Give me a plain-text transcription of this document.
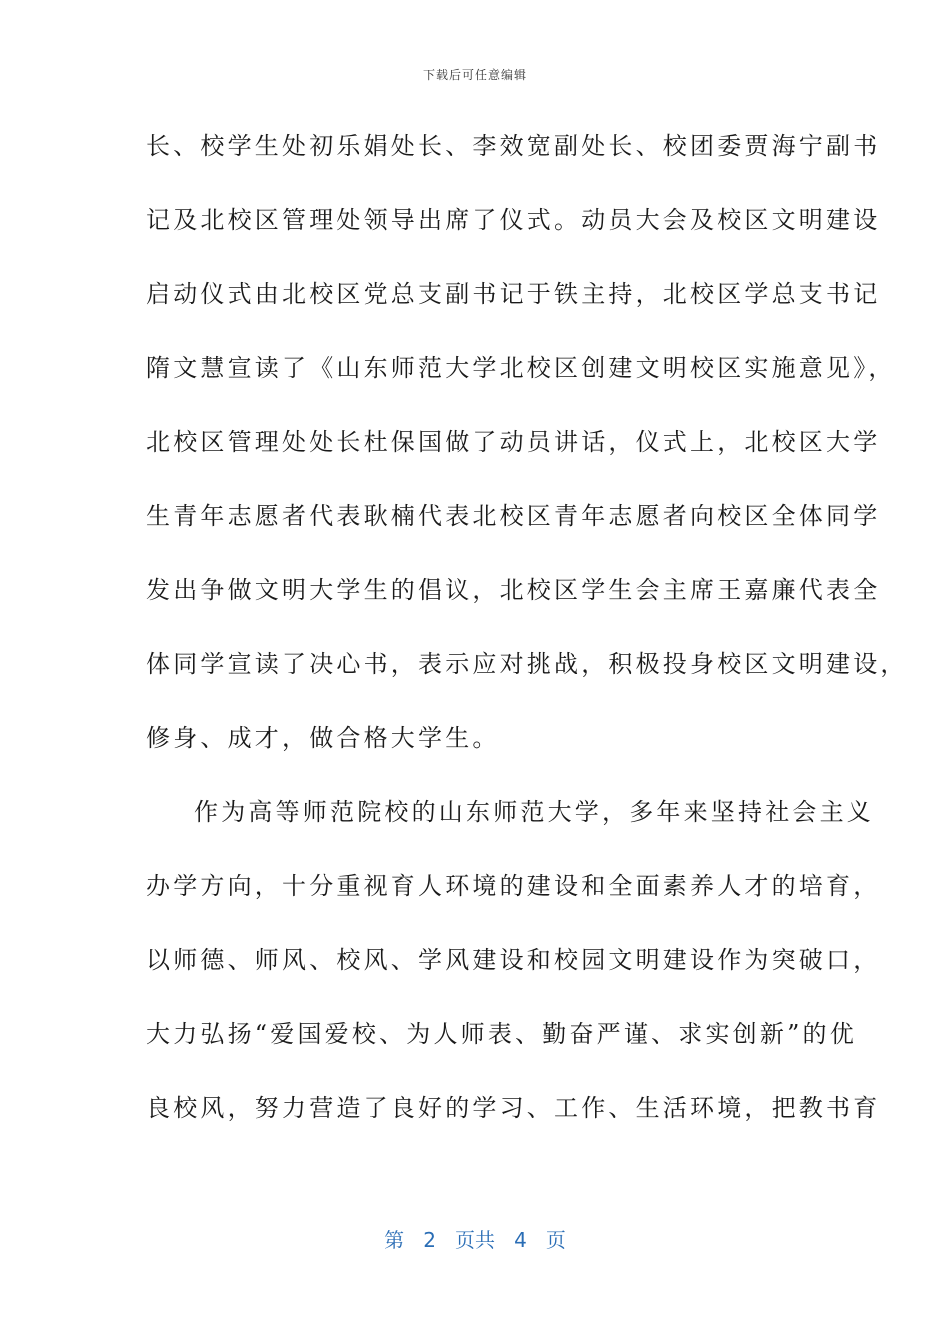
下载后可任意编辑
长、校学生处初乐娟处长、李效宽副处长、校团委贾海宁副书
记及北校区管理处领导出席了仪式。动员大会及校区文明建设
启动仪式由北校区党总支副书记于铁主持，北校区学总支书记
隋文慧宣读了《山东师范大学北校区创建文明校区实施意见》，
北校区管理处处长杜保国做了动员讲话，仪式上，北校区大学
生青年志愿者代表耿楠代表北校区青年志愿者向校区全体同学
发出争做文明大学生的倡议，北校区学生会主席王嘉廉代表全
体同学宣读了决心书，表示应对挑战，积极投身校区文明建设，
修身、成才，做合格大学生。
作为高等师范院校的山东师范大学，多年来坚持社会主义
办学方向，十分重视育人环境的建设和全面素养人才的培育，
以师德、师风、校风、学风建设和校园文明建设作为突破口，
大力弘扬“爱国爱校、为人师表、勤奋严谨、求实创新”的优
良校风，努力营造了良好的学习、工作、生活环境，把教书育
第 2 页共 4 页
